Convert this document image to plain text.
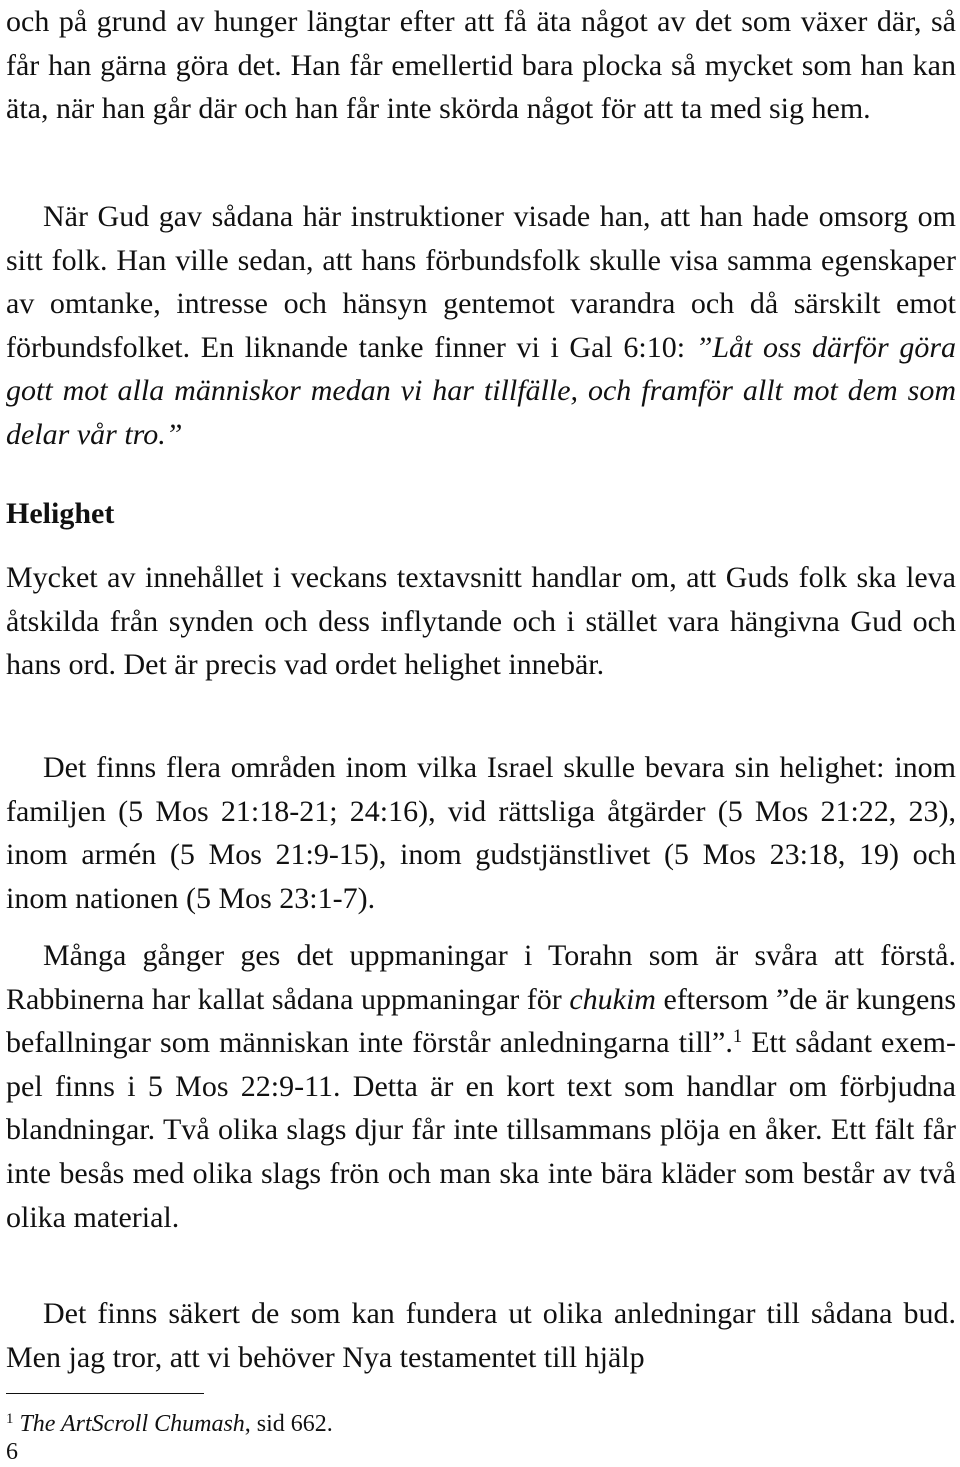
och på grund av hunger längtar efter att få äta något av det som växer där, så får han gärna göra det. Han får emellertid bara plocka så mycket som han kan äta, när han går där och han får inte skörda något för att ta med sig hem.

När Gud gav sådana här instruktioner visade han, att han hade omsorg om sitt folk. Han ville sedan, att hans förbundsfolk skulle visa samma egenskaper av omtanke, intresse och hänsyn gentemot varandra och då särskilt emot förbundsfolket. En liknande tanke finner vi i Gal 6:10: ”Låt oss därför göra gott mot alla människor medan vi har tillfälle, och framför allt mot dem som delar vår tro.”

Helighet

Mycket av innehållet i veckans textavsnitt handlar om, att Guds folk ska leva åtskilda från synden och dess inflytande och i stället vara hängivna Gud och hans ord. Det är precis vad ordet helighet innebär.

Det finns flera områden inom vilka Israel skulle bevara sin helighet: inom familjen (5 Mos 21:18-21; 24:16), vid rättsliga åtgärder (5 Mos 21:22, 23), inom armén (5 Mos 21:9-15), inom gudstjänstlivet (5 Mos 23:18, 19) och inom nationen (5 Mos 23:1-7).

Många gånger ges det uppmaningar i Torahn som är svåra att förstå. Rabbinerna har kallat sådana uppmaningar för chukim eftersom ”de är kungens befallningar som människan inte förstår anledningarna till”.$^1$ Ett sådant exem-pel finns i 5 Mos 22:9-11. Detta är en kort text som handlar om förbjudna blandningar. Två olika slags djur får inte tillsammans plöja en åker. Ett fält får inte besås med olika slags frön och man ska inte bära kläder som består av två olika material.

Det finns säkert de som kan fundera ut olika anledningar till sådana bud. Men jag tror, att vi behöver Nya testamentet till hjälp

$^1$ The ArtScroll Chumash, sid 662.

6
